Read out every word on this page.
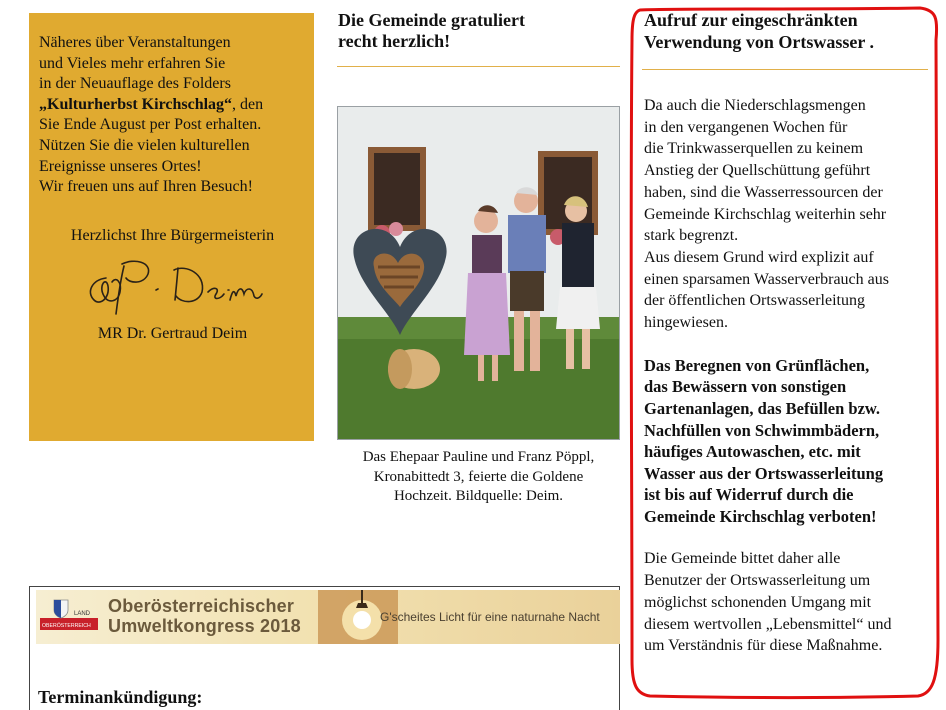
Näheres über Veranstaltungen
und Vieles mehr erfahren Sie
in der Neuauflage des Folders
„Kulturherbst Kirchschlag“, den
Sie Ende August per Post erhalten.
Nützen Sie die vielen kulturellen
Ereignisse unseres Ortes!
Wir freuen uns auf Ihren Besuch!

Herzlichst Ihre Bürgermeisterin

MR Dr. Gertraud Deim

Die Gemeinde gratuliert
recht herzlich!
Das Ehepaar Pauline und Franz Pöppl,
Kronabittedt 3, feierte die Goldene
Hochzeit. Bildquelle: Deim.
LAND
OBERÖSTERREICH
Oberösterreichischer
Umweltkongress 2018	G'scheites Licht für eine naturnahe Nacht
Terminankündigung:

Aufruf zur eingeschränkten
Verwendung von Ortswasser .

Da auch die Niederschlagsmengen
in den vergangenen Wochen für
die Trinkwasserquellen zu keinem
Anstieg der Quellschüttung geführt
haben, sind die Wasserressourcen der
Gemeinde Kirchschlag weiterhin sehr
stark begrenzt.
Aus diesem Grund wird explizit auf
einen sparsamen Wasserverbrauch aus
der öffentlichen Ortswasserleitung
hingewiesen.

Das Beregnen von Grünflächen,
das Bewässern von sonstigen
Gartenanlagen, das Befüllen bzw.
Nachfüllen von Schwimmbädern,
häufiges Autowaschen, etc. mit
Wasser aus der Ortswasserleitung
ist bis auf Widerruf durch die
Gemeinde Kirchschlag verboten!

Die Gemeinde bittet daher alle
Benutzer der Ortswasserleitung um
möglichst schonenden Umgang mit
diesem wertvollen „Lebensmittel“ und
um Verständnis für diese Maßnahme.
